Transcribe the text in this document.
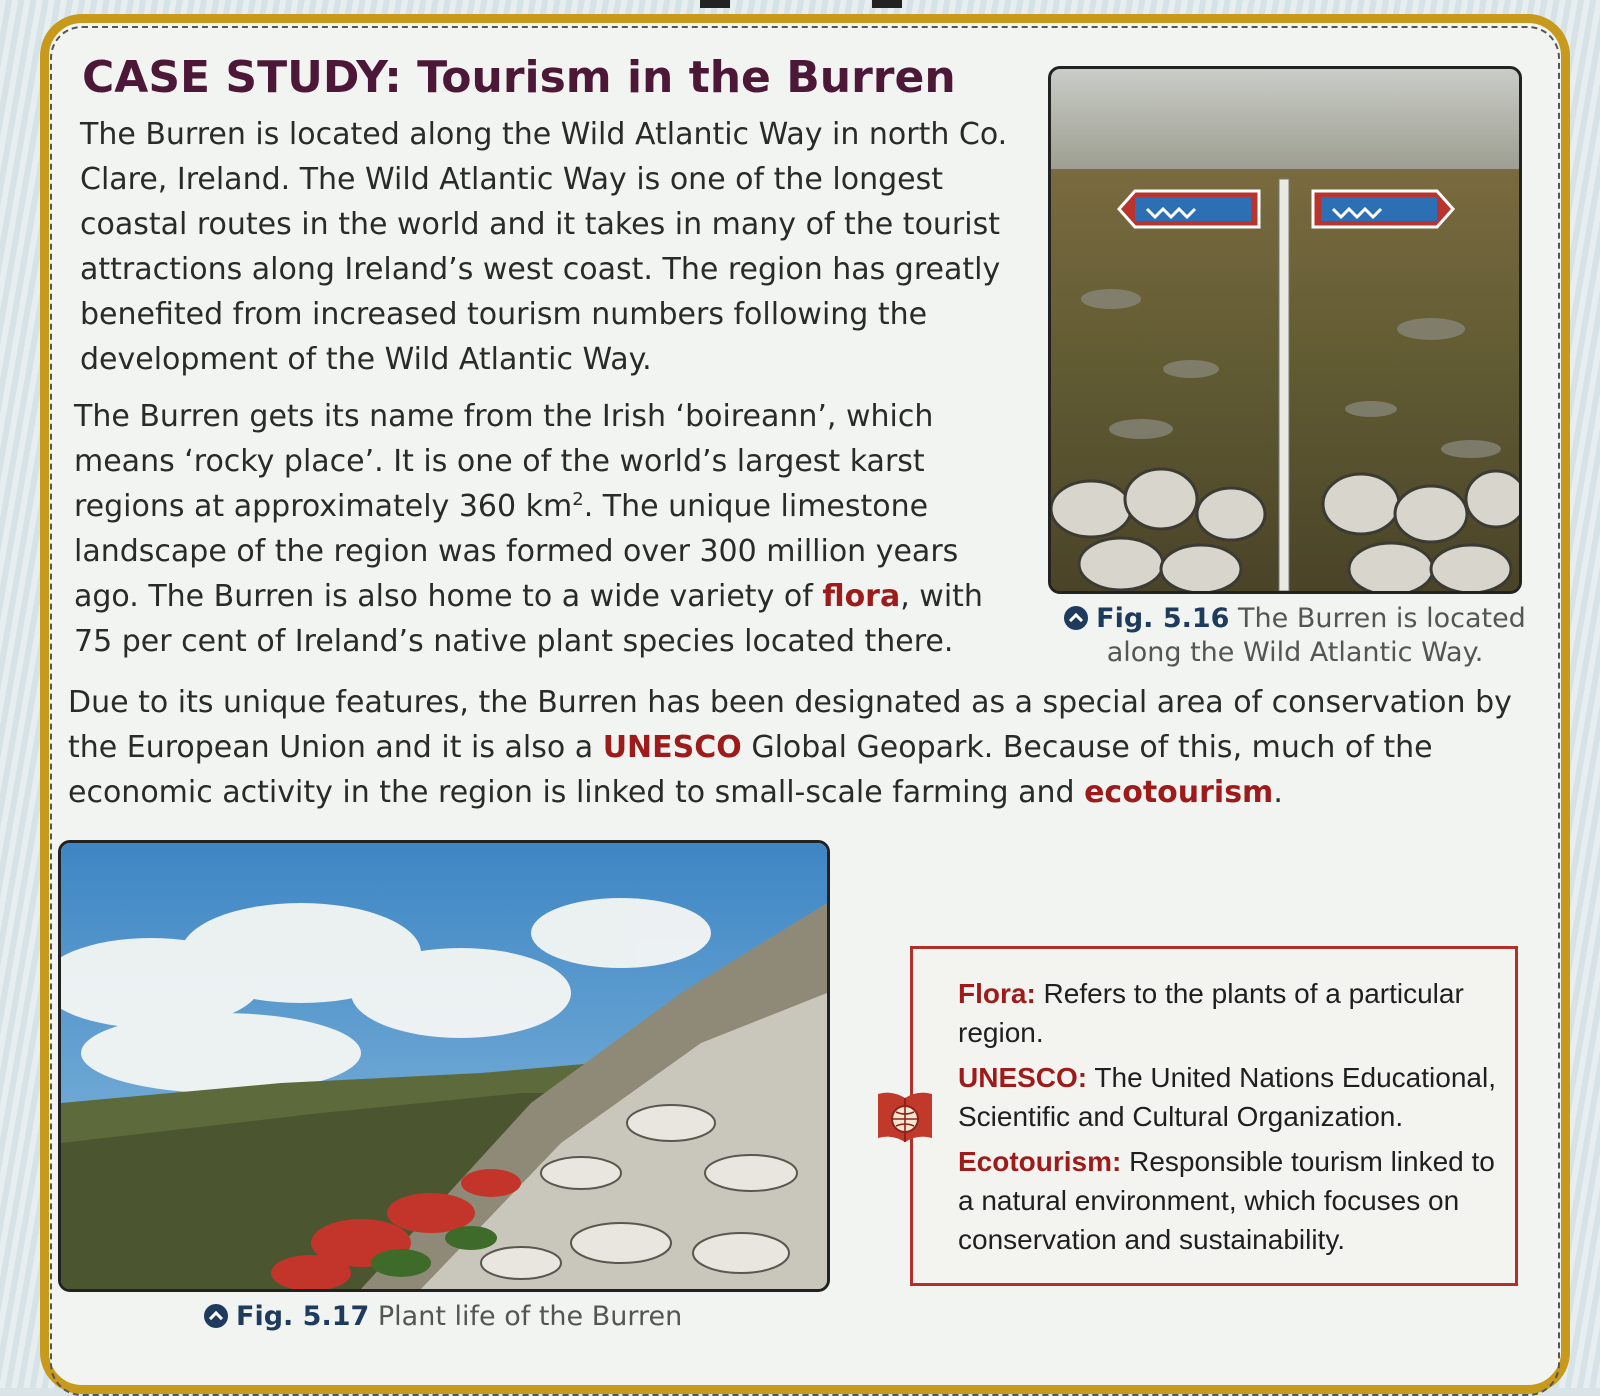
CASE STUDY: Tourism in the Burren

The Burren is located along the Wild Atlantic Way in north Co. Clare, Ireland. The Wild Atlantic Way is one of the longest coastal routes in the world and it takes in many of the tourist attractions along Ireland’s west coast. The region has greatly benefited from increased tourism numbers following the development of the Wild Atlantic Way.

The Burren gets its name from the Irish ‘boireann’, which means ‘rocky place’. It is one of the world’s largest karst regions at approximately 360 $km^2$. The unique limestone landscape of the region was formed over 300 million years ago. The Burren is also home to a wide variety of flora, with 75 per cent of Ireland’s native plant species located there.

Due to its unique features, the Burren has been designated as a special area of conservation by the European Union and it is also a UNESCO Global Geopark. Because of this, much of the economic activity in the region is linked to small-scale farming and ecotourism.

Fig. 5.16 The Burren is located along the Wild Atlantic Way.

Fig. 5.17 Plant life of the Burren

Flora: Refers to the plants of a particular region.

UNESCO: The United Nations Educational, Scientific and Cultural Organization.

Ecotourism: Responsible tourism linked to a natural environment, which focuses on conservation and sustainability.
